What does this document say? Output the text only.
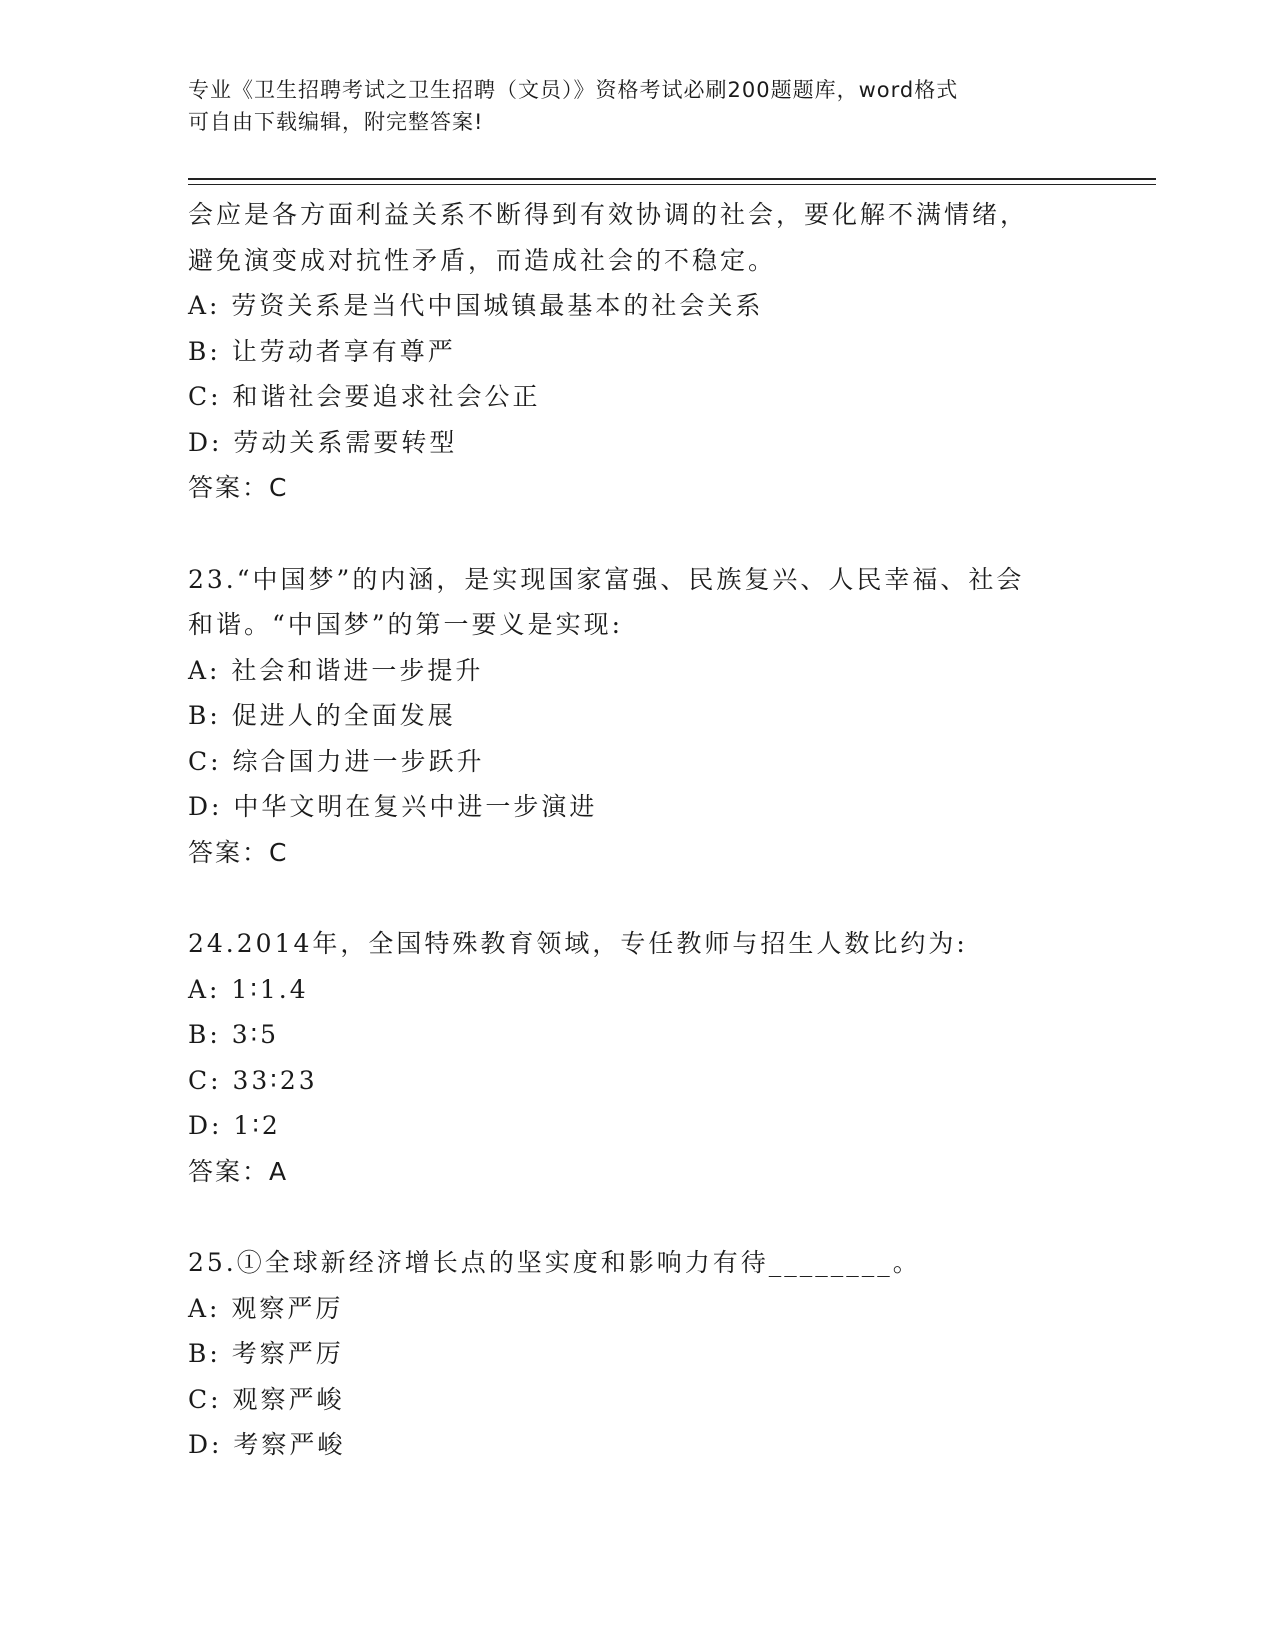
专业《卫生招聘考试之卫生招聘（文员）》资格考试必刷200题题库，word格式
可自由下载编辑，附完整答案!
会应是各方面利益关系不断得到有效协调的社会，要化解不满情绪，
避免演变成对抗性矛盾，而造成社会的不稳定。
A: 劳资关系是当代中国城镇最基本的社会关系
B: 让劳动者享有尊严
C: 和谐社会要追求社会公正
D: 劳动关系需要转型
答案：C
23.“中国梦”的内涵，是实现国家富强、民族复兴、人民幸福、社会
和谐。“中国梦”的第一要义是实现:
A: 社会和谐进一步提升
B: 促进人的全面发展
C: 综合国力进一步跃升
D: 中华文明在复兴中进一步演进
答案：C
24.2014年，全国特殊教育领域，专任教师与招生人数比约为:
A: 1∶1.4
B: 3∶5
C: 33∶23
D: 1∶2
答案：A
25.①全球新经济增长点的坚实度和影响力有待________。
A: 观察严厉
B: 考察严厉
C: 观察严峻
D: 考察严峻
